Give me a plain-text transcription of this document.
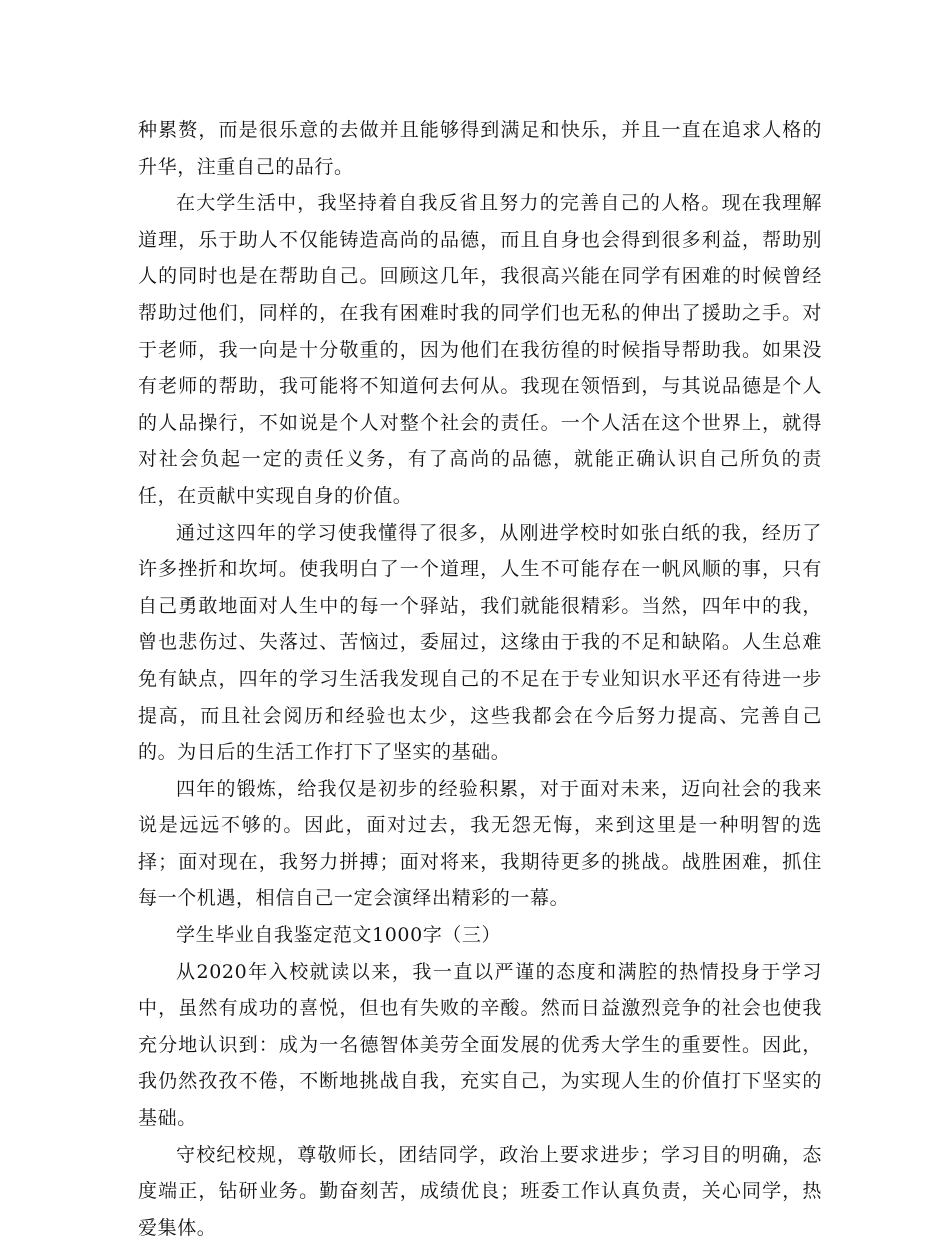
种累赘，而是很乐意的去做并且能够得到满足和快乐，并且一直在追求人格的升华，注重自己的品行。

在大学生活中，我坚持着自我反省且努力的完善自己的人格。现在我理解道理，乐于助人不仅能铸造高尚的品德，而且自身也会得到很多利益，帮助别人的同时也是在帮助自己。回顾这几年，我很高兴能在同学有困难的时候曾经帮助过他们，同样的，在我有困难时我的同学们也无私的伸出了援助之手。对于老师，我一向是十分敬重的，因为他们在我彷徨的时候指导帮助我。如果没有老师的帮助，我可能将不知道何去何从。我现在领悟到，与其说品德是个人的人品操行，不如说是个人对整个社会的责任。一个人活在这个世界上，就得对社会负起一定的责任义务，有了高尚的品德，就能正确认识自己所负的责任，在贡献中实现自身的价值。

通过这四年的学习使我懂得了很多，从刚进学校时如张白纸的我，经历了许多挫折和坎坷。使我明白了一个道理，人生不可能存在一帆风顺的事，只有自己勇敢地面对人生中的每一个驿站，我们就能很精彩。当然，四年中的我，曾也悲伤过、失落过、苦恼过，委屈过，这缘由于我的不足和缺陷。人生总难免有缺点，四年的学习生活我发现自己的不足在于专业知识水平还有待进一步提高，而且社会阅历和经验也太少，这些我都会在今后努力提高、完善自己的。为日后的生活工作打下了坚实的基础。

四年的锻炼，给我仅是初步的经验积累，对于面对未来，迈向社会的我来说是远远不够的。因此，面对过去，我无怨无悔，来到这里是一种明智的选择；面对现在，我努力拼搏；面对将来，我期待更多的挑战。战胜困难，抓住每一个机遇，相信自己一定会演绎出精彩的一幕。

学生毕业自我鉴定范文1000字（三）

从2020年入校就读以来，我一直以严谨的态度和满腔的热情投身于学习中，虽然有成功的喜悦，但也有失败的辛酸。然而日益激烈竞争的社会也使我充分地认识到：成为一名德智体美劳全面发展的优秀大学生的重要性。因此，我仍然孜孜不倦，不断地挑战自我，充实自己，为实现人生的价值打下坚实的基础。

守校纪校规，尊敬师长，团结同学，政治上要求进步；学习目的明确，态度端正，钻研业务。勤奋刻苦，成绩优良；班委工作认真负责，关心同学，热爱集体。
